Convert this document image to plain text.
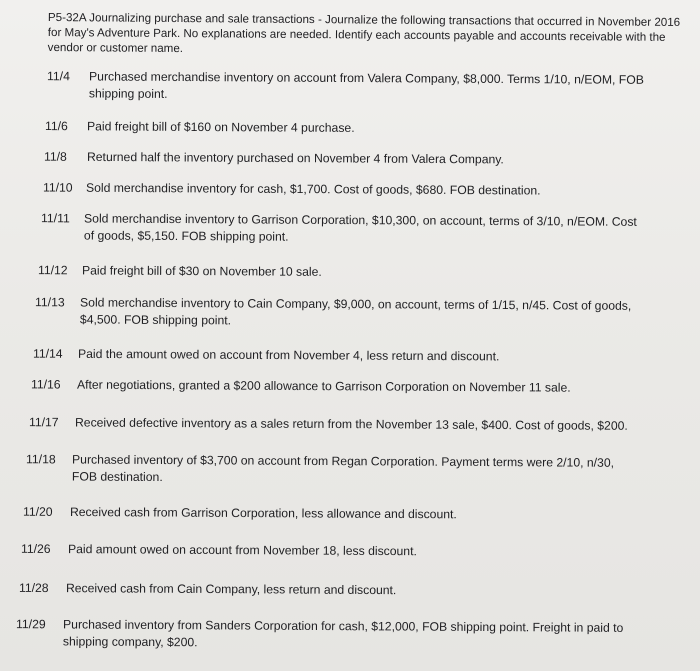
P5-32A Journalizing purchase and sale transactions - Journalize the following transactions that occurred in November 2016 for May's Adventure Park. No explanations are needed. Identify each accounts payable and accounts receivable with the vendor or customer name.
11/4 Purchased merchandise inventory on account from Valera Company, $8,000. Terms 1/10, n/EOM, FOB
shipping point.
11/6 Paid freight bill of $160 on November 4 purchase.
11/8 Returned half the inventory purchased on November 4 from Valera Company.
11/10 Sold merchandise inventory for cash, $1,700. Cost of goods, $680. FOB destination.
11/11 Sold merchandise inventory to Garrison Corporation, $10,300, on account, terms of 3/10, n/EOM. Cost
of goods, $5,150. FOB shipping point.
11/12 Paid freight bill of $30 on November 10 sale.
11/13 Sold merchandise inventory to Cain Company, $9,000, on account, terms of 1/15, n/45. Cost of goods,
$4,500. FOB shipping point.
11/14 Paid the amount owed on account from November 4, less return and discount.
11/16 After negotiations, granted a $200 allowance to Garrison Corporation on November 11 sale.
11/17 Received defective inventory as a sales return from the November 13 sale, $400. Cost of goods, $200.
11/18 Purchased inventory of $3,700 on account from Regan Corporation. Payment terms were 2/10, n/30,
FOB destination.
11/20 Received cash from Garrison Corporation, less allowance and discount.
11/26 Paid amount owed on account from November 18, less discount.
11/28 Received cash from Cain Company, less return and discount.
11/29 Purchased inventory from Sanders Corporation for cash, $12,000, FOB shipping point. Freight in paid to
shipping company, $200.
